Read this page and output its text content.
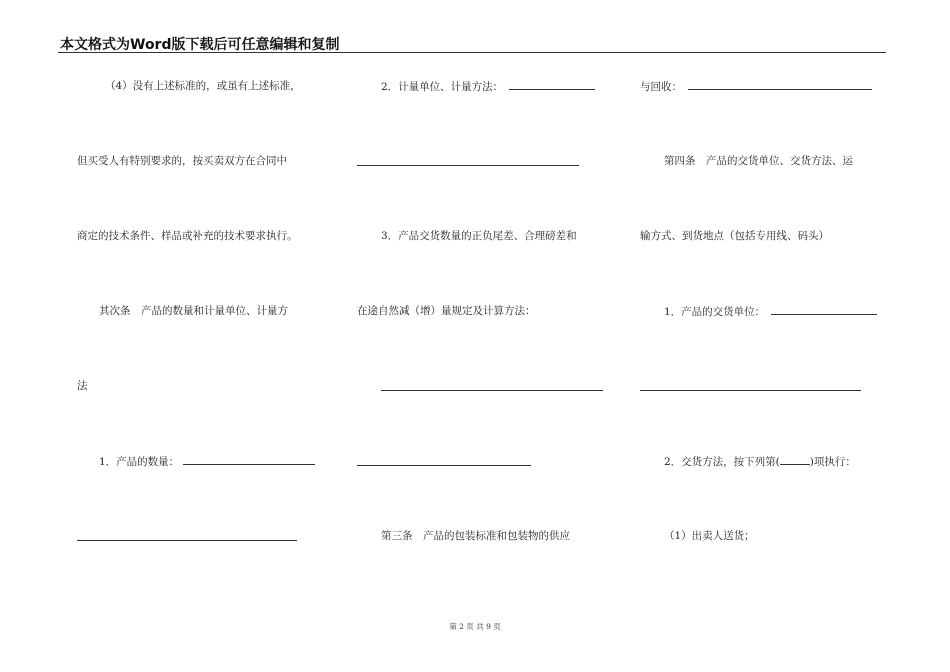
本文格式为Word版下载后可任意编辑和复制
（4）没有上述标准的，或虽有上述标准，
但买受人有特别要求的，按买卖双方在合同中
商定的技术条件、样品或补充的技术要求执行。
其次条　产品的数量和计量单位、计量方
法
1．产品的数量：
2．计量单位、计量方法：
3．产品交货数量的正负尾差、合理磅差和
在途自然减（增）量规定及计算方法：
第三条　产品的包装标准和包装物的供应
与回收：
第四条　产品的交货单位、交货方法、运
输方式、到货地点（包括专用线、码头）
1．产品的交货单位：
2．交货方法，按下列第(	)项执行：
（1）出卖人送货；
第 2 页 共 9 页
